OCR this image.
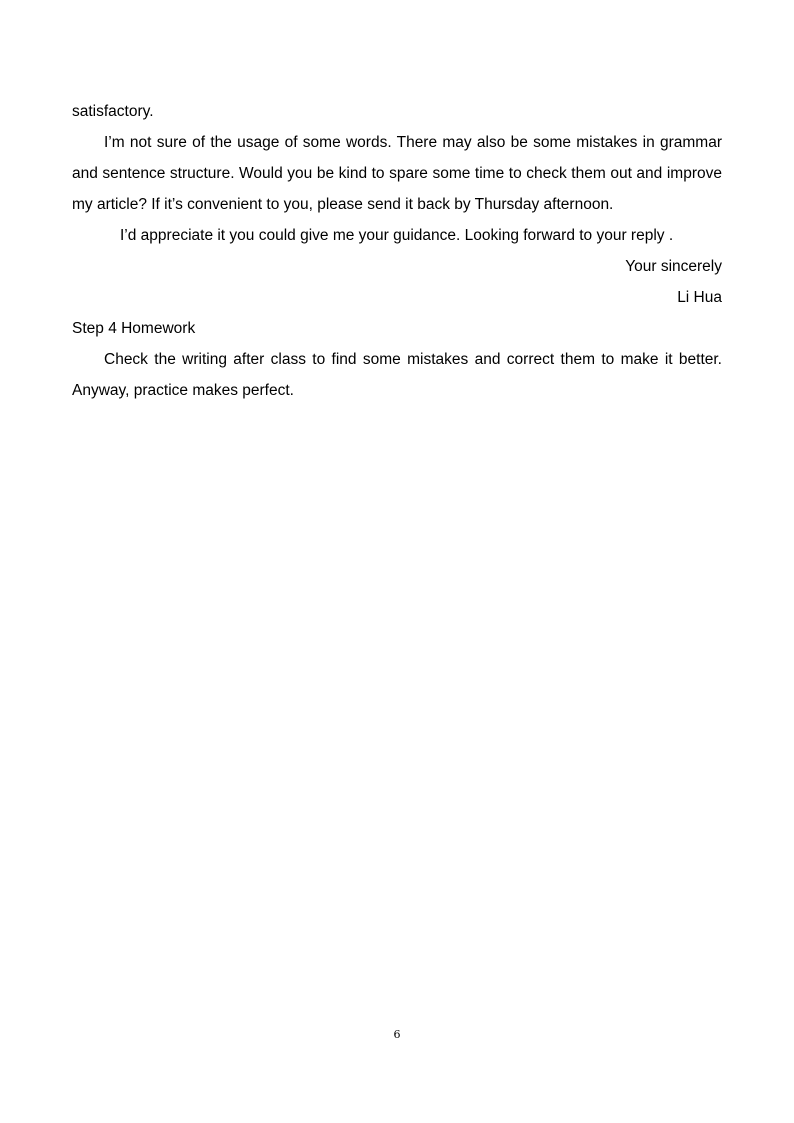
satisfactory.

I’m not sure of the usage of some words. There may also be some mistakes in grammar and sentence structure. Would you be kind to spare some time to check them out and improve my article? If it’s convenient to you, please send it back by Thursday afternoon.

I’d appreciate it you could give me your guidance. Looking forward to your reply .

Your sincerely

Li Hua

Step 4 Homework

Check the writing after class to find some mistakes and correct them to make it better. Anyway, practice makes perfect.

6
